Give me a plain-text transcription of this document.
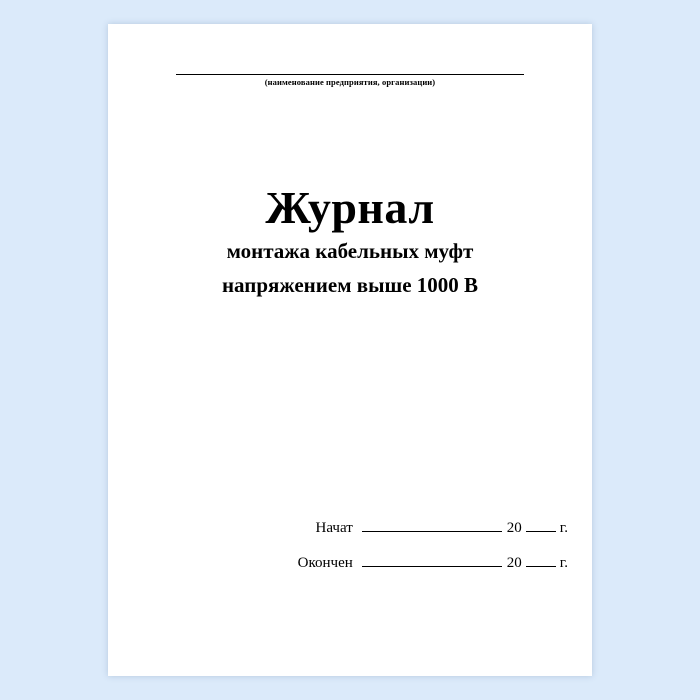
(наименование предприятия, организации)
Журнал
монтажа кабельных муфт
напряжением выше 1000 В
Начат	20	г.
Окончен	20	г.
